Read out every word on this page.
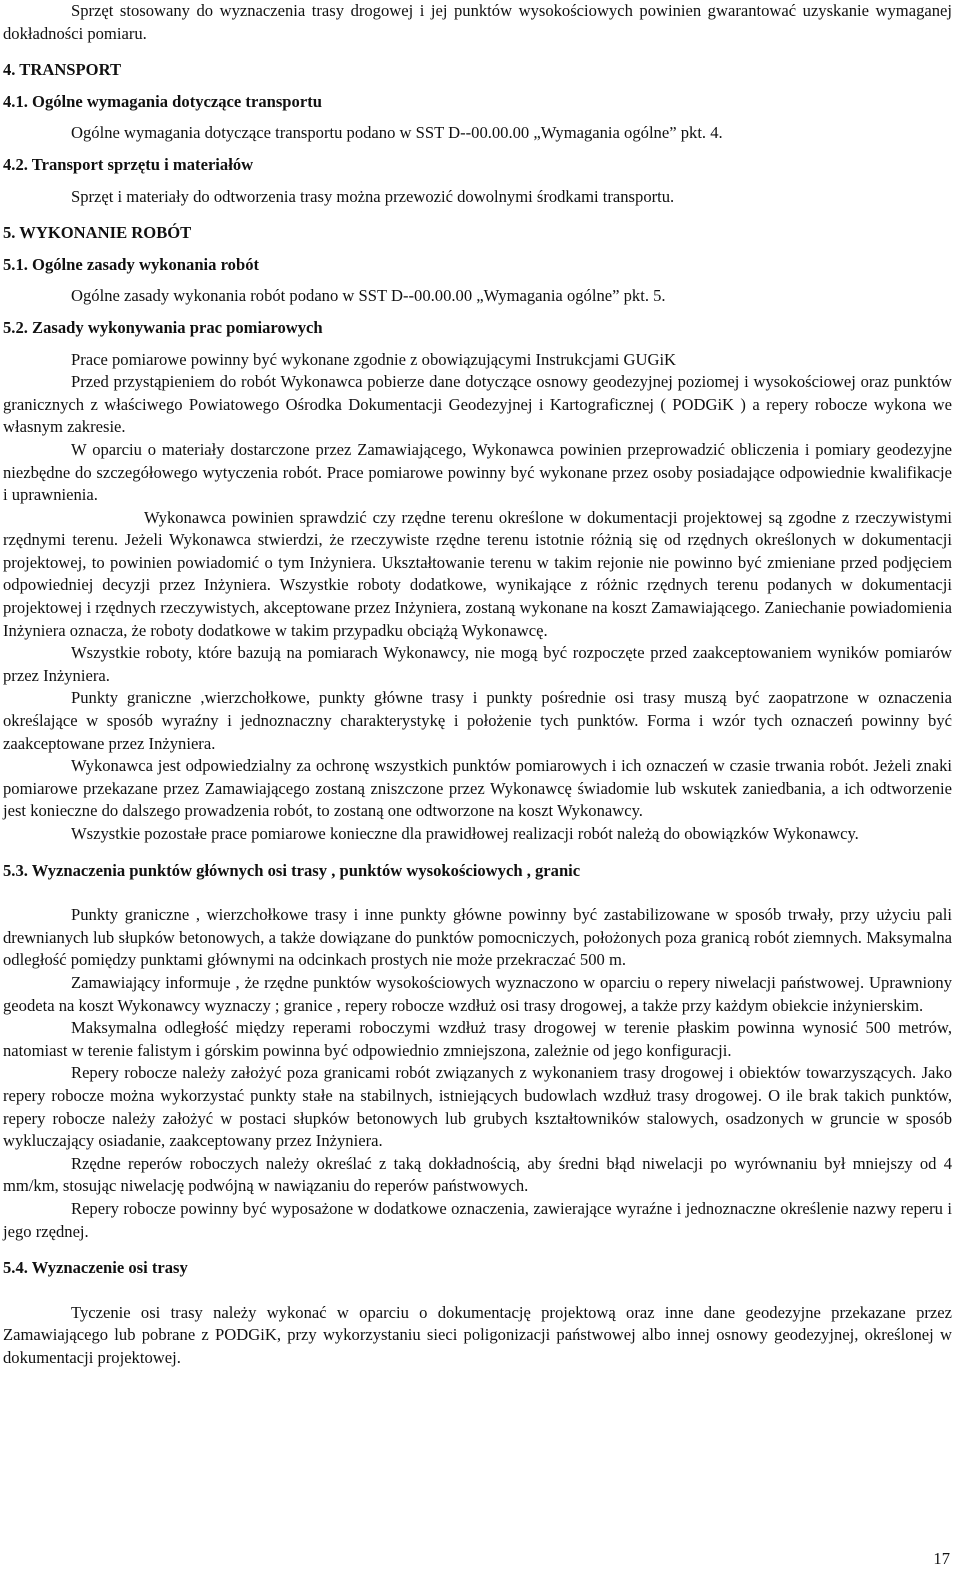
Sprzęt stosowany do wyznaczenia trasy drogowej i jej punktów wysokościowych powinien gwarantować uzyskanie wymaganej dokładności pomiaru.

4. TRANSPORT
4.1. Ogólne wymagania dotyczące transportu

Ogólne wymagania dotyczące transportu podano w SST D--00.00.00 „Wymagania ogólne” pkt. 4.

4.2. Transport sprzętu i materiałów

Sprzęt i materiały do odtworzenia trasy można przewozić dowolnymi środkami transportu.

5. WYKONANIE ROBÓT
5.1. Ogólne zasady wykonania robót

Ogólne zasady wykonania robót podano w SST D--00.00.00 „Wymagania ogólne” pkt. 5.

5.2. Zasady wykonywania prac pomiarowych

Prace pomiarowe powinny być wykonane zgodnie z obowiązującymi Instrukcjami GUGiK

Przed przystąpieniem do robót Wykonawca pobierze dane dotyczące osnowy geodezyjnej poziomej i wysokościowej oraz punktów granicznych z właściwego Powiatowego Ośrodka Dokumentacji Geodezyjnej i Kartograficznej ( PODGiK ) a repery robocze wykona we własnym zakresie.

W oparciu o materiały dostarczone przez Zamawiającego, Wykonawca powinien przeprowadzić obliczenia i pomiary geodezyjne niezbędne do szczegółowego wytyczenia robót. Prace pomiarowe powinny być wykonane przez osoby posiadające odpowiednie kwalifikacje i uprawnienia.

Wykonawca powinien sprawdzić czy rzędne terenu określone w dokumentacji projektowej są zgodne z rzeczywistymi rzędnymi terenu. Jeżeli Wykonawca stwierdzi, że rzeczywiste rzędne terenu istotnie różnią się od rzędnych określonych w dokumentacji projektowej, to powinien powiadomić o tym Inżyniera. Ukształtowanie terenu w takim rejonie nie powinno być zmieniane przed podjęciem odpowiedniej decyzji przez Inżyniera. Wszystkie roboty dodatkowe, wynikające z różnic rzędnych terenu podanych w dokumentacji projektowej i rzędnych rzeczywistych, akceptowane przez Inżyniera, zostaną wykonane na koszt Zamawiającego. Zaniechanie powiadomienia Inżyniera oznacza, że roboty dodatkowe w takim przypadku obciążą Wykonawcę.

Wszystkie roboty, które bazują na pomiarach Wykonawcy, nie mogą być rozpoczęte przed zaakceptowaniem wyników pomiarów przez Inżyniera.

Punkty graniczne ,wierzchołkowe, punkty główne trasy i punkty pośrednie osi trasy muszą być zaopatrzone w oznaczenia określające w sposób wyraźny i jednoznaczny charakterystykę i położenie tych punktów. Forma i wzór tych oznaczeń powinny być zaakceptowane przez Inżyniera.

Wykonawca jest odpowiedzialny za ochronę wszystkich punktów pomiarowych i ich oznaczeń w czasie trwania robót. Jeżeli znaki pomiarowe przekazane przez Zamawiającego zostaną zniszczone przez Wykonawcę świadomie lub wskutek zaniedbania, a ich odtworzenie jest konieczne do dalszego prowadzenia robót, to zostaną one odtworzone na koszt Wykonawcy.

Wszystkie pozostałe prace pomiarowe konieczne dla prawidłowej realizacji robót należą do obowiązków Wykonawcy.

5.3. Wyznaczenia punktów głównych osi trasy , punktów wysokościowych , granic

Punkty graniczne , wierzchołkowe trasy i inne punkty główne powinny być zastabilizowane w sposób trwały, przy użyciu pali drewnianych lub słupków betonowych, a także dowiązane do punktów pomocniczych, położonych poza granicą robót ziemnych. Maksymalna odległość pomiędzy punktami głównymi na odcinkach prostych nie może przekraczać 500 m.

Zamawiający informuje , że rzędne punktów wysokościowych wyznaczono w oparciu o repery niwelacji państwowej. Uprawniony geodeta na koszt Wykonawcy wyznaczy ; granice , repery robocze wzdłuż osi trasy drogowej, a także przy każdym obiekcie inżynierskim.

Maksymalna odległość między reperami roboczymi wzdłuż trasy drogowej w terenie płaskim powinna wynosić 500 metrów, natomiast w terenie falistym i górskim powinna być odpowiednio zmniejszona, zależnie od jego konfiguracji.

Repery robocze należy założyć poza granicami robót związanych z wykonaniem trasy drogowej i obiektów towarzyszących. Jako repery robocze można wykorzystać punkty stałe na stabilnych, istniejących budowlach wzdłuż trasy drogowej. O ile brak takich punktów, repery robocze należy założyć w postaci słupków betonowych lub grubych kształtowników stalowych, osadzonych w gruncie w sposób wykluczający osiadanie, zaakceptowany przez Inżyniera.

Rzędne reperów roboczych należy określać z taką dokładnością, aby średni błąd niwelacji po wyrównaniu był mniejszy od 4 mm/km, stosując niwelację podwójną w nawiązaniu do reperów państwowych.

Repery robocze powinny być wyposażone w dodatkowe oznaczenia, zawierające wyraźne i jednoznaczne określenie nazwy reperu i jego rzędnej.

5.4. Wyznaczenie osi trasy

Tyczenie osi trasy należy wykonać w oparciu o dokumentację projektową oraz inne dane geodezyjne przekazane przez Zamawiającego lub pobrane z PODGiK, przy wykorzystaniu sieci poligonizacji państwowej albo innej osnowy geodezyjnej, określonej w dokumentacji projektowej.

17
